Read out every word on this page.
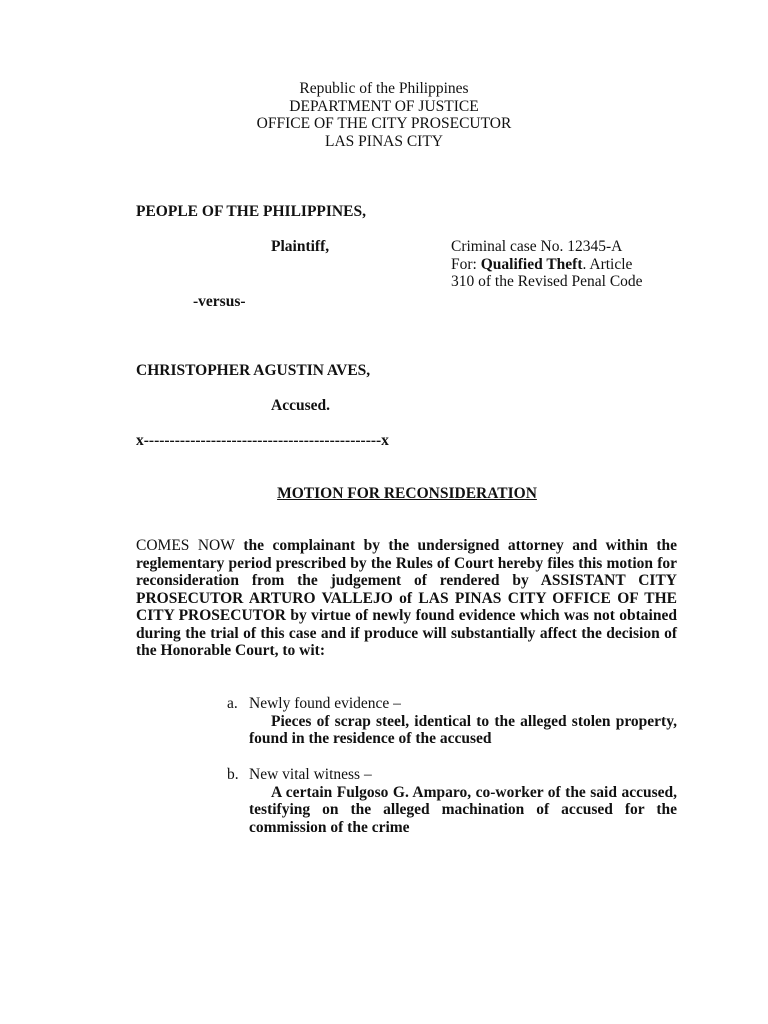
Republic of the Philippines
DEPARTMENT OF JUSTICE
OFFICE OF THE CITY PROSECUTOR
LAS PINAS CITY
PEOPLE OF THE PHILIPPINES,
Plaintiff,
-versus-
CHRISTOPHER AGUSTIN AVES,
Accused.
x----------------------------------------------x
Criminal case No. 12345-A
For: Qualified Theft. Article
310 of the Revised Penal Code
MOTION FOR RECONSIDERATION
COMES NOW the complainant by the undersigned attorney and within the reglementary period prescribed by the Rules of Court hereby files this motion for reconsideration from the judgement of rendered by ASSISTANT CITY PROSECUTOR ARTURO VALLEJO of LAS PINAS CITY OFFICE OF THE CITY PROSECUTOR by virtue of newly found evidence which was not obtained during the trial of this case and if produce will substantially affect the decision of the Honorable Court, to wit:
a. Newly found evidence –
Pieces of scrap steel, identical to the alleged stolen property, found in the residence of the accused
b. New vital witness –
A certain Fulgoso G. Amparo, co-worker of the said accused, testifying on the alleged machination of accused for the commission of the crime
